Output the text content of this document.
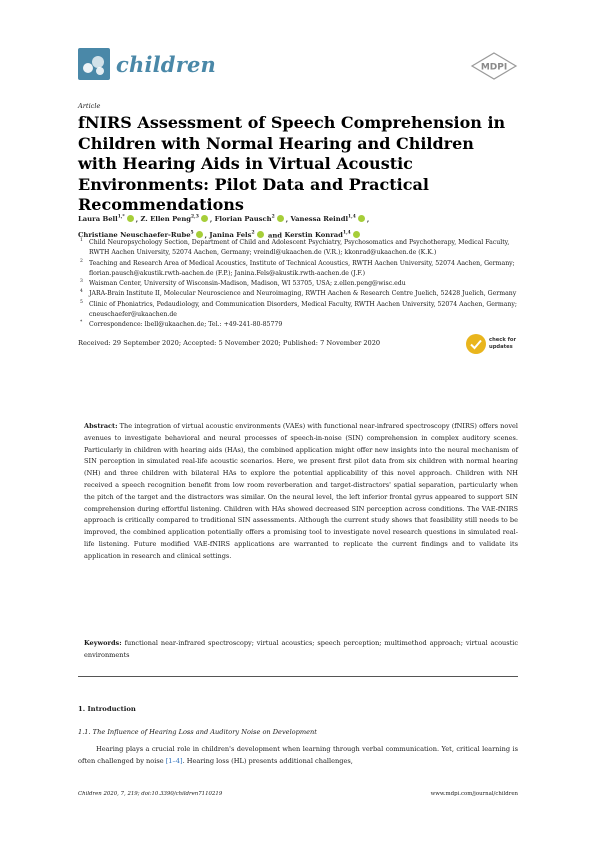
children	MDPI
Article
fNIRS Assessment of Speech Comprehension in Children with Normal Hearing and Children with Hearing Aids in Virtual Acoustic Environments: Pilot Data and Practical Recommendations
Laura Bell$^{1,*}$ , Z. Ellen Peng$^{2,3}$ , Florian Pausch$^2$ , Vanessa Reindl$^{1,4}$ ,
Christiane Neuschaefer-Rube$^5$ , Janina Fels$^2$ and Kerstin Konrad$^{1,4}$
1 Child Neuropsychology Section, Department of Child and Adolescent Psychiatry, Psychosomatics and Psychotherapy, Medical Faculty, RWTH Aachen University, 52074 Aachen, Germany; vreindl@ukaachen.de (V.R.); kkonrad@ukaachen.de (K.K.)
2 Teaching and Research Area of Medical Acoustics, Institute of Technical Acoustics, RWTH Aachen University, 52074 Aachen, Germany; florian.pausch@akustik.rwth-aachen.de (F.P.); Janina.Fels@akustik.rwth-aachen.de (J.F.)
3 Waisman Center, University of Wisconsin-Madison, Madison, WI 53705, USA; z.ellen.peng@wisc.edu
4 JARA-Brain Institute II, Molecular Neuroscience and Neuroimaging, RWTH Aachen & Research Centre Juelich, 52428 Juelich, Germany
5 Clinic of Phoniatrics, Pedaudiology, and Communication Disorders, Medical Faculty, RWTH Aachen University, 52074 Aachen, Germany; cneuschaefer@ukaachen.de
* Correspondence: lbell@ukaachen.de; Tel.: +49-241-80-85779
Received: 29 September 2020; Accepted: 5 November 2020; Published: 7 November 2020	check for
updates
Abstract: The integration of virtual acoustic environments (VAEs) with functional near-infrared spectroscopy (fNIRS) offers novel avenues to investigate behavioral and neural processes of speech-in-noise (SIN) comprehension in complex auditory scenes. Particularly in children with hearing aids (HAs), the combined application might offer new insights into the neural mechanism of SIN perception in simulated real-life acoustic scenarios. Here, we present first pilot data from six children with normal hearing (NH) and three children with bilateral HAs to explore the potential applicability of this novel approach. Children with NH received a speech recognition benefit from low room reverberation and target-distractors' spatial separation, particularly when the pitch of the target and the distractors was similar. On the neural level, the left inferior frontal gyrus appeared to support SIN comprehension during effortful listening. Children with HAs showed decreased SIN perception across conditions. The VAE-fNIRS approach is critically compared to traditional SIN assessments. Although the current study shows that feasibility still needs to be improved, the combined application potentially offers a promising tool to investigate novel research questions in simulated real-life listening. Future modified VAE-fNIRS applications are warranted to replicate the current findings and to validate its application in research and clinical settings.
Keywords: functional near-infrared spectroscopy; virtual acoustics; speech perception; multimethod approach; virtual acoustic environments
1. Introduction
1.1. The Influence of Hearing Loss and Auditory Noise on Development
Hearing plays a crucial role in children's development when learning through verbal communication. Yet, critical learning is often challenged by noise [1–4]. Hearing loss (HL) presents additional challenges,
Children 2020, 7, 219; doi:10.3390/children7110219	www.mdpi.com/journal/children
